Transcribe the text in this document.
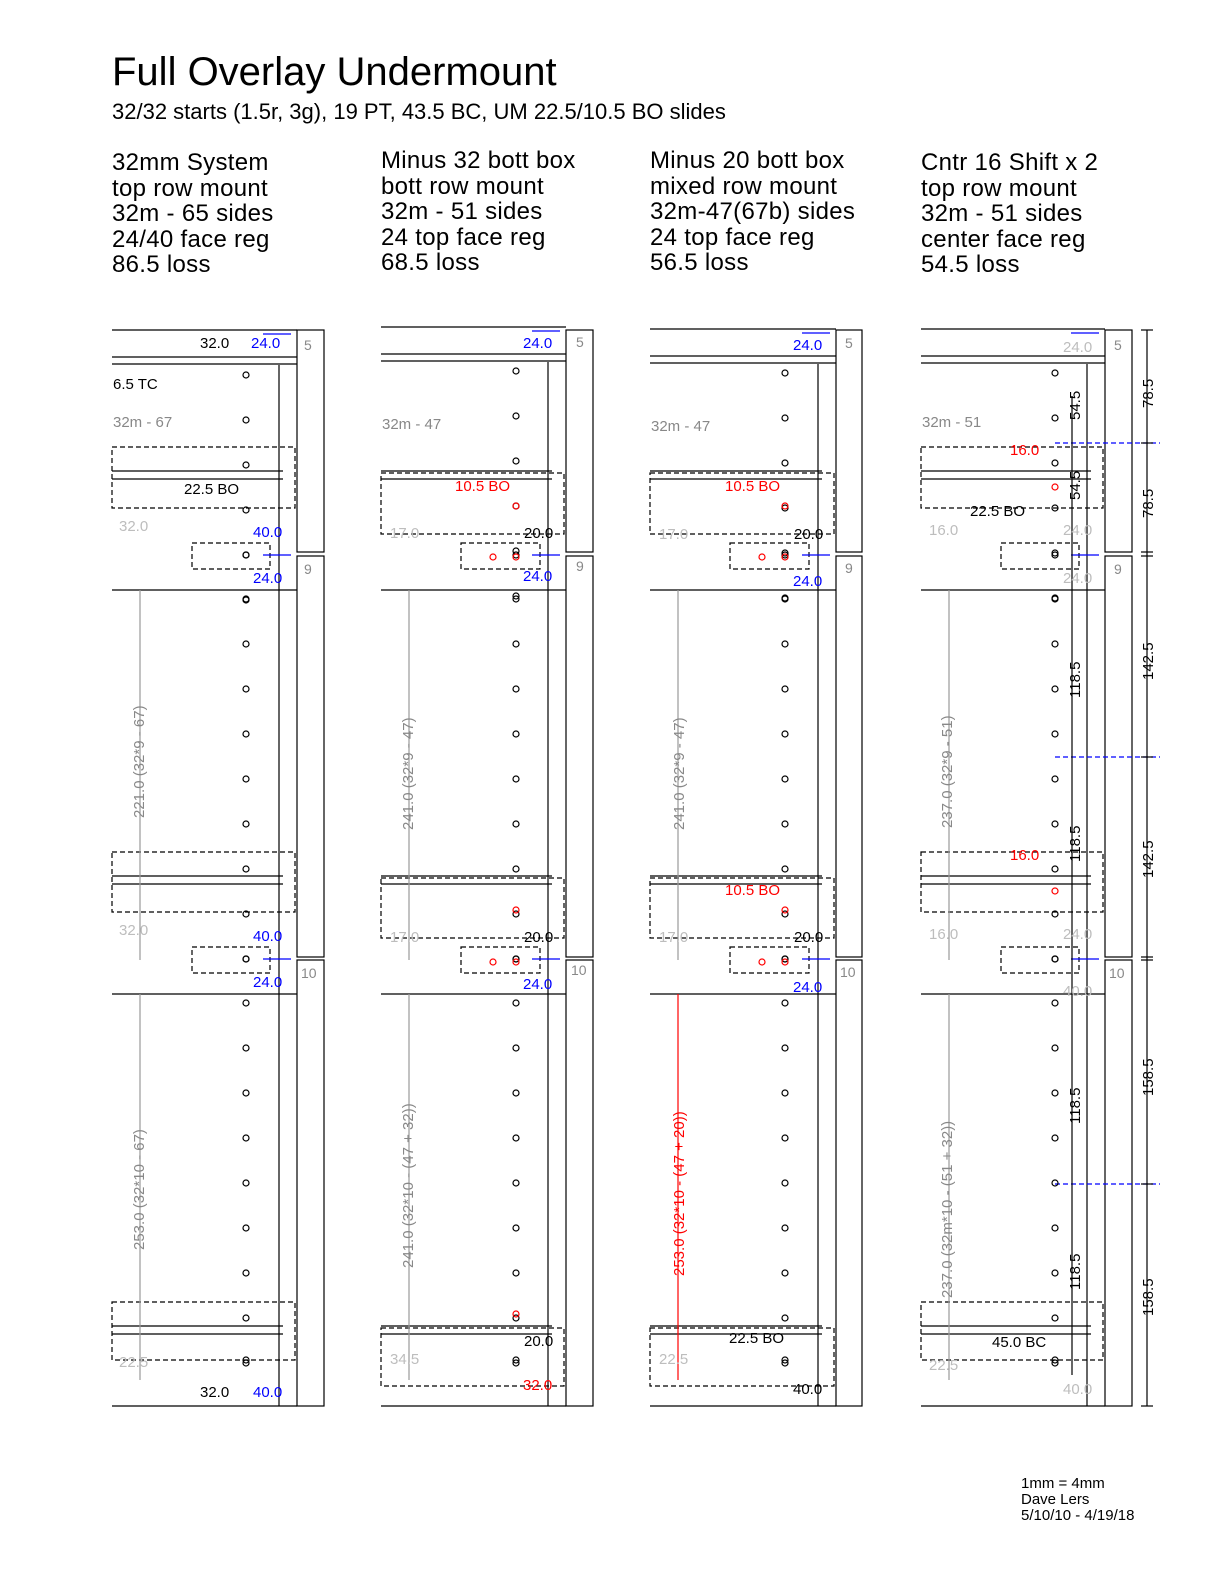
Full Overlay Undermount
32/32 starts (1.5r, 3g), 19 PT, 43.5 BC, UM 22.5/10.5 BO slides
32mm System
top row mount
32m - 65 sides
24/40 face reg
86.5 loss
Minus 32 bott box
bott row mount
32m - 51 sides
24 top face reg
68.5 loss
Minus 20 bott box
mixed row mount
32m-47(67b) sides
24 top face reg
56.5 loss
Cntr 16 Shift x 2
top row mount
32m - 51 sides
center face reg
54.5 loss
32.0 24.0
6.5 TC
32m - 67
22.5 BO
32.0	40.0
24.0
32.0	40.0
24.0
22.5
32.0 40.0
221.0 (32*9 - 67)
253.0 (32*10 - 67)
24.0
32m - 47
10.5 BO
17.0	20.0
24.0
17.0	20.0
24.0
20.0
34.5
32.0
241.0 (32*9 - 47)
241.0 (32*10 - (47 + 32))
24.0
32m - 47
10.5 BO
17.0	20.0
24.0
10.5 BO
17.0	20.0
24.0
22.5 BO
22.5
40.0
241.0 (32*9 - 47)
253.0 (32*10 - (47 + 20))
24.0
32m - 51
16.0
22.5 BO
16.0	24.0
24.0
16.0
16.0	24.0
40.0
45.0 BC
22.5
40.0
237.0 (32*9 - 51)
237.0 (32m*10 - (51 + 32))
54.5
54.5
118.5
118.5
118.5
118.5
78.5
78.5
142.5
142.5
158.5
158.5
5
9
10
5
9
10
5
9
10
5
9
10
1mm = 4mm
Dave Lers
5/10/10 - 4/19/18
